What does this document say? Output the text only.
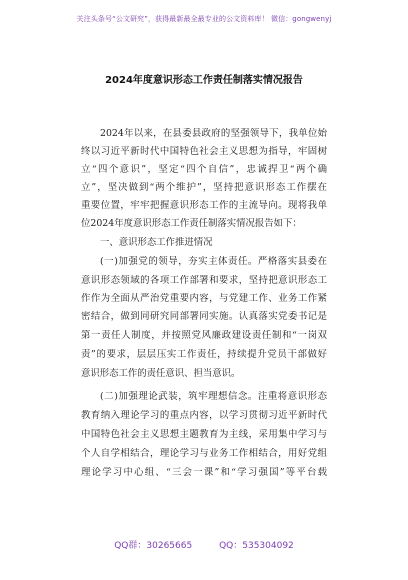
关注头条号“公文研究”，获得最新最全最专业的公文资料库！ 微信：gongwenyj
2024年度意识形态工作责任制落实情况报告
2024年以来，在县委县政府的坚强领导下，我单位始
终以习近平新时代中国特色社会主义思想为指导，牢固树
立“四个意识”，坚定“四个自信”，忠诚捍卫“两个确
立”，坚决做到“两个维护”，坚持把意识形态工作摆在
重要位置，牢牢把握意识形态工作的主流导向。现将我单
位2024年度意识形态工作责任制落实情况报告如下：
一、意识形态工作推进情况
(一)加强党的领导，夯实主体责任。严格落实县委在
意识形态领域的各项工作部署和要求，坚持把意识形态工
作作为全面从严治党重要内容，与党建工作、业务工作紧
密结合，做到同研究同部署同实施。认真落实党委书记是
第一责任人制度，并按照党风廉政建设责任制和“一岗双
责”的要求，层层压实工作责任，持续提升党员干部做好
意识形态工作的责任意识、担当意识。
(二)加强理论武装，筑牢理想信念。注重将意识形态
教育纳入理论学习的重点内容，以学习贯彻习近平新时代
中国特色社会主义思想主题教育为主线，采用集中学习与
个人自学相结合，理论学习与业务工作相结合，用好党组
理论学习中心组、“三会一课”和“学习强国”等平台载
QQ群：30265665	QQ：535304092
